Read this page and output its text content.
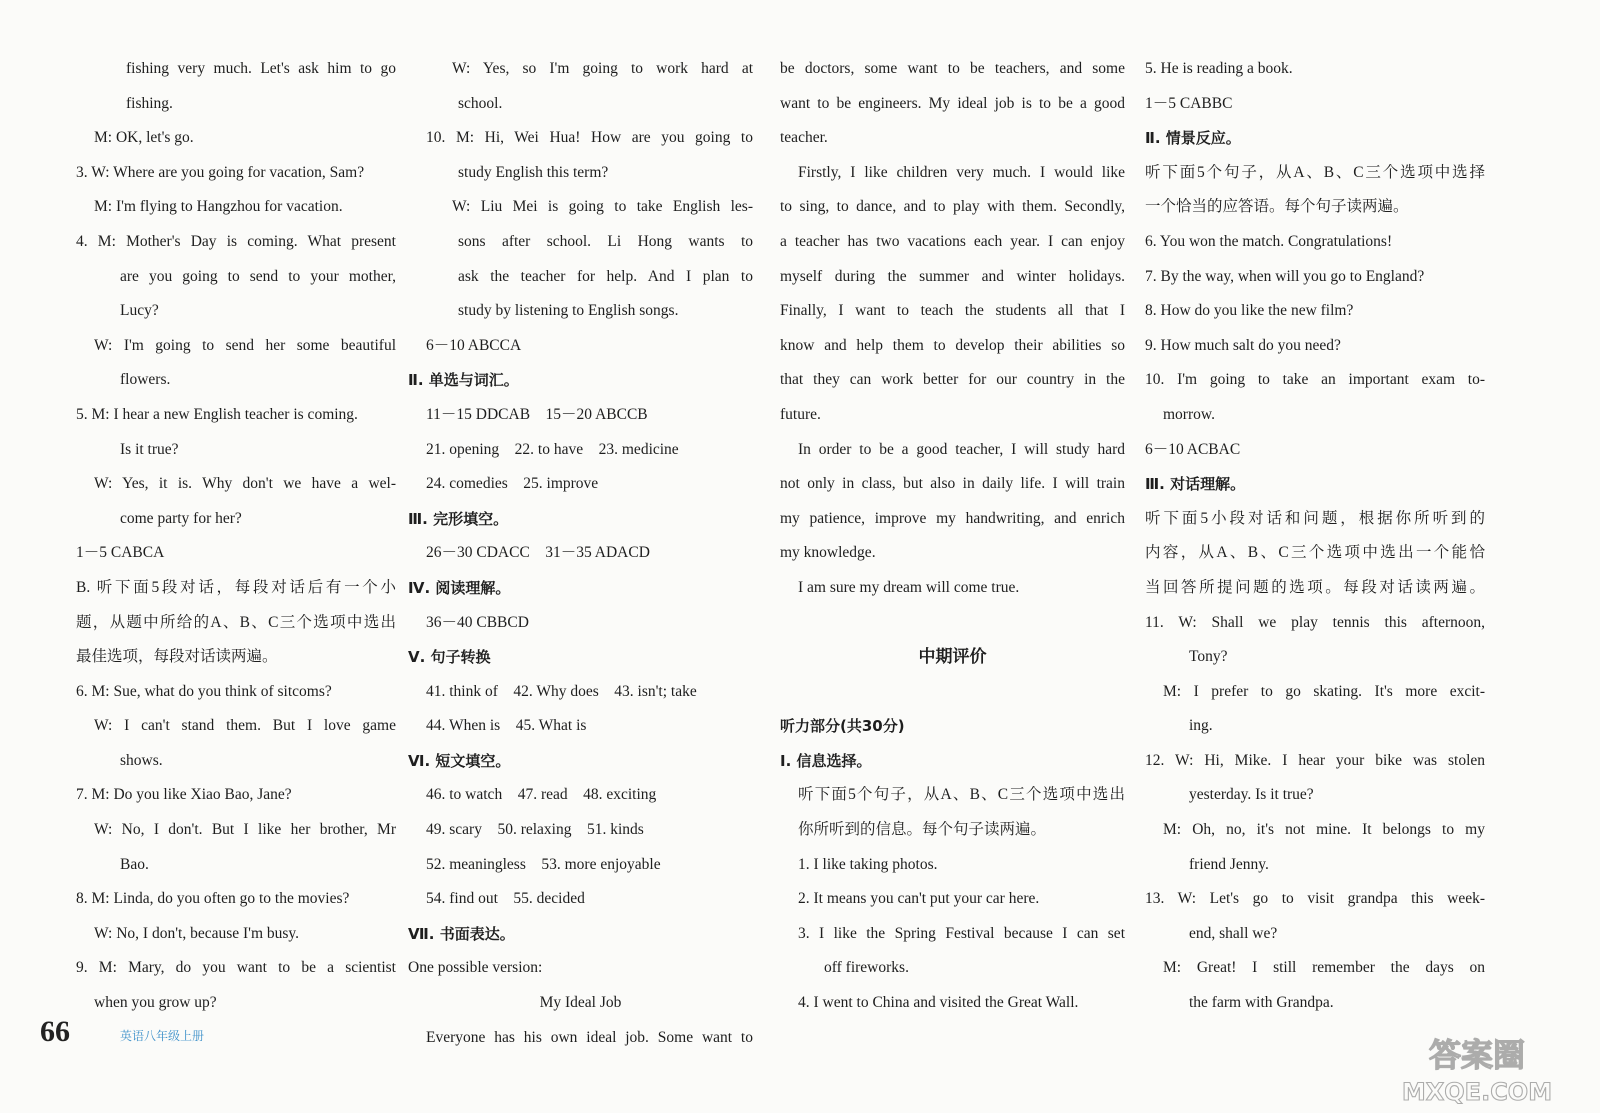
fishing very much. Let's ask him to go
fishing.
M: OK, let's go.
3. W: Where are you going for vacation, Sam?
M: I'm flying to Hangzhou for vacation.
4. M: Mother's Day is coming. What present
are you going to send to your mother,
Lucy?
W: I'm going to send her some beautiful
flowers.
5. M: I hear a new English teacher is coming.
Is it true?
W: Yes, it is. Why don't we have a wel-
come party for her?
1－5 CABCA
B. 听下面5段对话，每段对话后有一个小
题，从题中所给的A、B、C三个选项中选出
最佳选项，每段对话读两遍。
6. M: Sue, what do you think of sitcoms?
W: I can't stand them. But I love game
shows.
7. M: Do you like Xiao Bao, Jane?
W: No, I don't. But I like her brother, Mr
Bao.
8. M: Linda, do you often go to the movies?
W: No, I don't, because I'm busy.
9. M: Mary, do you want to be a scientist
when you grow up?
W: Yes, so I'm going to work hard at
school.
10. M: Hi, Wei Hua! How are you going to
study English this term?
W: Liu Mei is going to take English les-
sons after school. Li Hong wants to
ask the teacher for help. And I plan to
study by listening to English songs.
6－10 ABCCA
Ⅱ. 单选与词汇。
11－15 DDCAB　15－20 ABCCB
21. opening　22. to have　23. medicine
24. comedies　25. improve
Ⅲ. 完形填空。
26－30 CDACC　31－35 ADACD
Ⅳ. 阅读理解。
36－40 CBBCD
Ⅴ. 句子转换
41. think of　42. Why does　43. isn't; take
44. When is　45. What is
Ⅵ. 短文填空。
46. to watch　47. read　48. exciting
49. scary　50. relaxing　51. kinds
52. meaningless　53. more enjoyable
54. find out　55. decided
Ⅶ. 书面表达。
One possible version:
My Ideal Job
Everyone has his own ideal job. Some want to
be doctors, some want to be teachers, and some
want to be engineers. My ideal job is to be a good
teacher.
Firstly, I like children very much. I would like
to sing, to dance, and to play with them. Secondly,
a teacher has two vacations each year. I can enjoy
myself during the summer and winter holidays.
Finally, I want to teach the students all that I
know and help them to develop their abilities so
that they can work better for our country in the
future.
In order to be a good teacher, I will study hard
not only in class, but also in daily life. I will train
my patience, improve my handwriting, and enrich
my knowledge.
I am sure my dream will come true.
中期评价
听力部分(共30分)
Ⅰ. 信息选择。
听下面5个句子，从A、B、C三个选项中选出
你所听到的信息。每个句子读两遍。
1. I like taking photos.
2. It means you can't put your car here.
3. I like the Spring Festival because I can set
off fireworks.
4. I went to China and visited the Great Wall.
5. He is reading a book.
1－5 CABBC
Ⅱ. 情景反应。
听下面5个句子，从A、B、C三个选项中选择
一个恰当的应答语。每个句子读两遍。
6. You won the match. Congratulations!
7. By the way, when will you go to England?
8. How do you like the new film?
9. How much salt do you need?
10. I'm going to take an important exam to-
morrow.
6－10 ACBAC
Ⅲ. 对话理解。
听下面5小段对话和问题，根据你所听到的
内容，从A、B、C三个选项中选出一个能恰
当回答所提问题的选项。每段对话读两遍。
11. W: Shall we play tennis this afternoon,
Tony?
M: I prefer to go skating. It's more excit-
ing.
12. W: Hi, Mike. I hear your bike was stolen
yesterday. Is it true?
M: Oh, no, it's not mine. It belongs to my
friend Jenny.
13. W: Let's go to visit grandpa this week-
end, shall we?
M: Great! I still remember the days on
the farm with Grandpa.
66	英语八年级上册	答案圈
MXQE.COM
